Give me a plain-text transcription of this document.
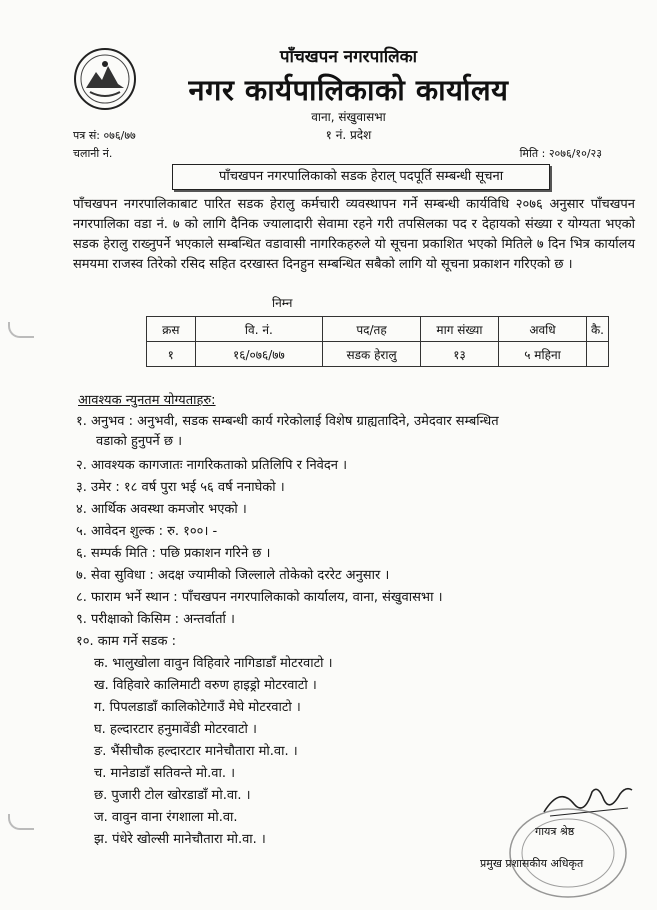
पाँचखपन नगरपालिका
नगर कार्यपालिकाको कार्यालय
वाना, संखुवासभा
१ नं. प्रदेश
पत्र सं: ०७६/७७
चलानी नं.	मिति : २०७६/१०/२३
पाँचखपन नगरपालिकाको सडक हेराल् पदपूर्ति सम्बन्धी सूचना
पाँचखपन नगरपालिकाबाट पारित सडक हेरालु कर्मचारी व्यवस्थापन गर्ने सम्बन्धी कार्यविधि २०७६ अनुसार पाँचखपन नगरपालिका वडा नं. ७ को लागि दैनिक ज्यालादारी सेवामा रहने गरी तपसिलका पद र देहायको संख्या र योग्यता भएको सडक हेरालु राख्नुपर्ने भएकाले सम्बन्धित वडावासी नागरिकहरुले यो सूचना प्रकाशित भएको मितिले ७ दिन भित्र कार्यालय समयमा राजस्व तिरेको रसिद सहित दरखास्त दिनहुन सम्बन्धित सबैको लागि यो सूचना प्रकाशन गरिएको छ ।
निम्न
क्रस	वि. नं.	पद/तह	माग संख्या	अवधि	कै.
१	१६/०७६/७७	सडक हेरालु	१३	५ महिना	
आवश्यक न्युनतम योग्यताहरु:
१. अनुभव : अनुभवी, सडक सम्बन्धी कार्य गरेकोलाई विशेष ग्राह्यतादिने, उमेदवार सम्बन्धित
वडाको हुनुपर्ने छ ।
२. आवश्यक कागजातः नागरिकताको प्रतिलिपि र निवेदन ।
३. उमेर : १८ वर्ष पुरा भई ५६ वर्ष ननाघेको ।
४. आर्थिक अवस्था कमजोर भएको ।
५. आवेदन शुल्क : रु. १००। -
६. सम्पर्क मिति : पछि प्रकाशन गरिने छ ।
७. सेवा सुविधा : अदक्ष ज्यामीको जिल्लाले तोकेको दररेट अनुसार ।
८. फाराम भर्ने स्थान : पाँचखपन नगरपालिकाको कार्यालय, वाना, संखुवासभा ।
९. परीक्षाको किसिम : अन्तर्वार्ता ।
१०. काम गर्ने सडक :
क. भालुखोला वावुन विहिवारे नागिडाडाँ मोटरवाटो ।
ख. विहिवारे कालिमाटी वरुण हाइड्रो मोटरवाटो ।
ग. पिपलडाडाँ कालिकोटेगाउँ मेघे मोटरवाटो ।
घ. हल्दारटार हनुमावेंडी मोटरवाटो ।
ङ. भैंसीचौक हल्दारटार मानेचौतारा मो.वा. ।
च. मानेडाडाँ सतिवन्ते मो.वा. ।
छ. पुजारी टोल खोरडाडाँ मो.वा. ।
ज. वावुन वाना रंगशाला मो.वा.
झ. पंधेरे खोल्सी मानेचौतारा मो.वा. ।
गायत्र श्रेष्ठ
प्रमुख प्रशासकीय अधिकृत
